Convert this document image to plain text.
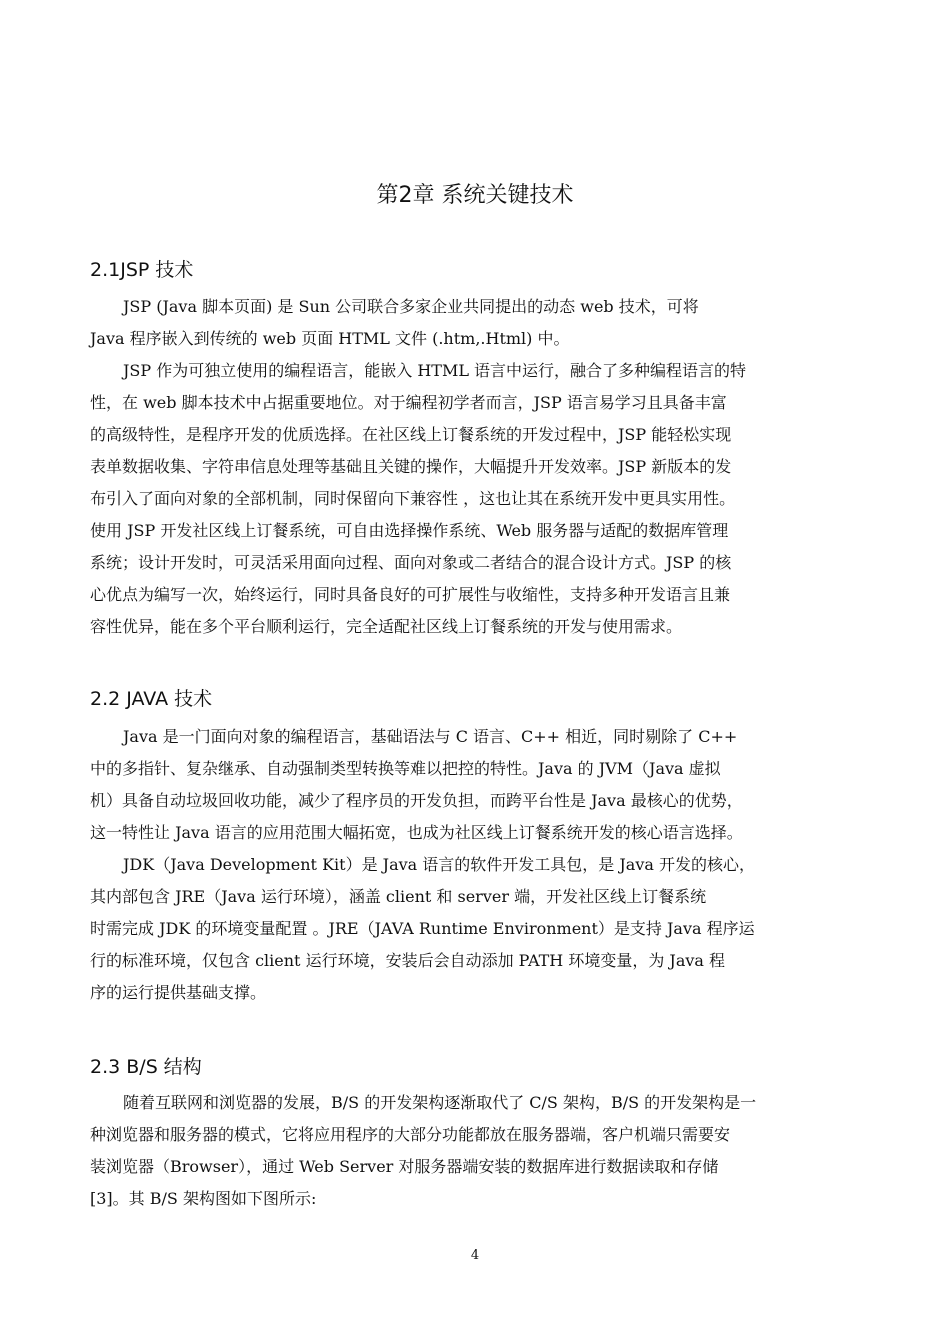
第2章 系统关键技术
2.1JSP 技术
JSP (Java 脚本页面) 是 Sun 公司联合多家企业共同提出的动态 web 技术，可将
Java 程序嵌入到传统的 web 页面 HTML 文件 (.htm,.Html) 中。
JSP 作为可独立使用的编程语言，能嵌入 HTML 语言中运行，融合了多种编程语言的特
性，在 web 脚本技术中占据重要地位。对于编程初学者而言，JSP 语言易学习且具备丰富
的高级特性，是程序开发的优质选择。在社区线上订餐系统的开发过程中，JSP 能轻松实现
表单数据收集、字符串信息处理等基础且关键的操作，大幅提升开发效率。JSP 新版本的发
布引入了面向对象的全部机制，同时保留向下兼容性 ，这也让其在系统开发中更具实用性。
使用 JSP 开发社区线上订餐系统，可自由选择操作系统、Web 服务器与适配的数据库管理
系统；设计开发时，可灵活采用面向过程、面向对象或二者结合的混合设计方式。JSP 的核
心优点为编写一次，始终运行，同时具备良好的可扩展性与收缩性，支持多种开发语言且兼
容性优异，能在多个平台顺利运行，完全适配社区线上订餐系统的开发与使用需求。
2.2 JAVA 技术
Java 是一门面向对象的编程语言，基础语法与 C 语言、C++ 相近，同时剔除了 C++
中的多指针、复杂继承、自动强制类型转换等难以把控的特性。Java 的 JVM（Java 虚拟
机）具备自动垃圾回收功能，减少了程序员的开发负担，而跨平台性是 Java 最核心的优势，
这一特性让 Java 语言的应用范围大幅拓宽，也成为社区线上订餐系统开发的核心语言选择。
JDK（Java Development Kit）是 Java 语言的软件开发工具包，是 Java 开发的核心，
其内部包含 JRE（Java 运行环境），涵盖 client 和 server 端，开发社区线上订餐系统
时需完成 JDK 的环境变量配置 。JRE（JAVA Runtime Environment）是支持 Java 程序运
行的标准环境，仅包含 client 运行环境，安装后会自动添加 PATH 环境变量，为 Java 程
序的运行提供基础支撑。
2.3 B/S 结构
随着互联网和浏览器的发展，B/S 的开发架构逐渐取代了 C/S 架构，B/S 的开发架构是一
种浏览器和服务器的模式，它将应用程序的大部分功能都放在服务器端，客户机端只需要安
装浏览器（Browser），通过 Web Server 对服务器端安装的数据库进行数据读取和存储
[3]。其 B/S 架构图如下图所示:
4
